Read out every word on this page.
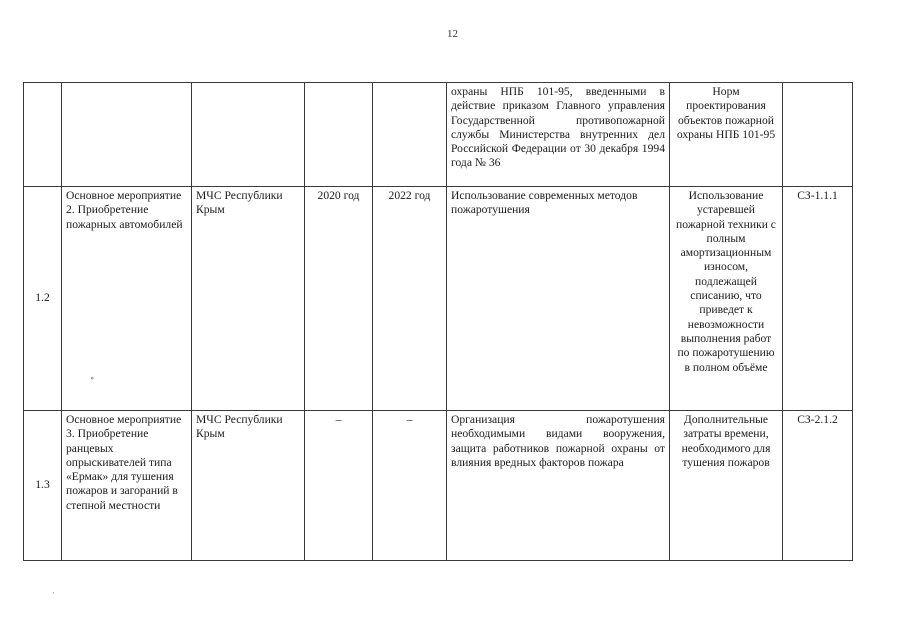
12
					охраны НПБ 101-95, введенными в действие приказом Главного управления Государственной противопожарной службы Министерства внутренних дел Российской Федерации от 30 декабря 1994 года № 36	Норм проектирования объектов пожарной охраны НПБ 101-95	
1.2	Основное мероприятие 2. Приобретение пожарных автомобилей	МЧС Республики Крым	2020 год	2022 год	Использование современных методов пожаротушения	Использование устаревшей пожарной техники с полным амортизационным износом, подлежащей списанию, что приведет к невозможности выполнения работ по пожаротушению в полном объёме	СЗ-1.1.1
1.3	Основное мероприятие 3. Приобретение ранцевых опрыскивателей типа «Ермак» для тушения пожаров и загораний в степной местности	МЧС Республики Крым	–	–	Организация пожаротушения необходимыми видами вооружения, защита работников пожарной охраны от влияния вредных факторов пожара	Дополнительные затраты времени, необходимого для тушения пожаров	СЗ-2.1.2
∘
·
